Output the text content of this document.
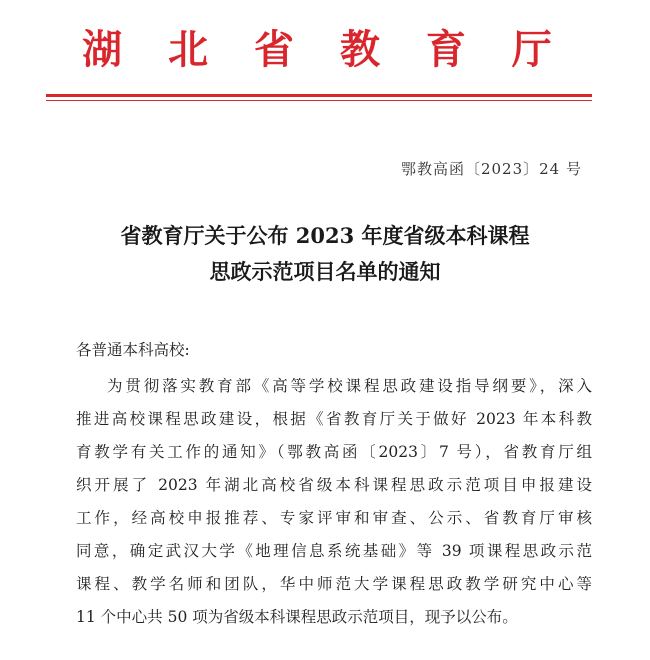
湖 北 省 教 育 厅
鄂教高函〔2023〕24 号
省教育厅关于公布 2023 年度省级本科课程
思政示范项目名单的通知
各普通本科高校:
为贯彻落实教育部《高等学校课程思政建设指导纲要》，深入
推进高校课程思政建设，根据《省教育厅关于做好 2023 年本科教
育教学有关工作的通知》（鄂教高函〔2023〕7 号），省教育厅组
织开展了 2023 年湖北高校省级本科课程思政示范项目申报建设
工作，经高校申报推荐、专家评审和审查、公示、省教育厅审核
同意，确定武汉大学《地理信息系统基础》等 39 项课程思政示范
课程、教学名师和团队，华中师范大学课程思政教学研究中心等
11 个中心共 50 项为省级本科课程思政示范项目，现予以公布。
